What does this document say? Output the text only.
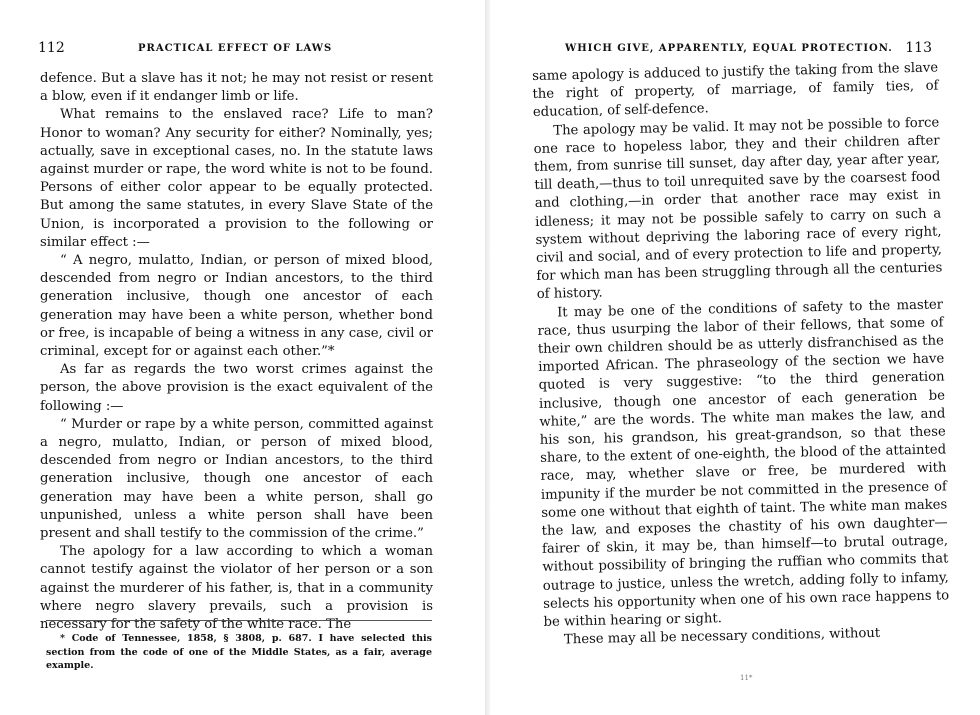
112	PRACTICAL EFFECT OF LAWS

defence. But a slave has it not; he may not resist or resent a blow, even if it endanger limb or life.

What remains to the enslaved race? Life to man? Honor to woman? Any security for either? Nominally, yes; actually, save in exceptional cases, no. In the statute laws against murder or rape, the word white is not to be found. Persons of either color appear to be equally protected. But among the same statutes, in every Slave State of the Union, is incorporated a provision to the following or similar effect :—

“ A negro, mulatto, Indian, or person of mixed blood, descended from negro or Indian ancestors, to the third generation inclusive, though one ancestor of each generation may have been a white person, whether bond or free, is incapable of being a witness in any case, civil or criminal, except for or against each other.”*

As far as regards the two worst crimes against the person, the above provision is the exact equivalent of the following :—

“ Murder or rape by a white person, committed against a negro, mulatto, Indian, or person of mixed blood, descended from negro or Indian ancestors, to the third generation inclusive, though one ancestor of each generation may have been a white person, shall go unpunished, unless a white person shall have been present and shall testify to the commission of the crime.”

The apology for a law according to which a woman cannot testify against the violator of her person or a son against the murderer of his father, is, that in a community where negro slavery prevails, such a provision is necessary for the safety of the white race. The

* Code of Tennessee, 1858, § 3808, p. 687. I have selected this section from the code of one of the Middle States, as a fair, average example.
WHICH GIVE, APPARENTLY, EQUAL PROTECTION. 113

same apology is adduced to justify the taking from the slave the right of property, of marriage, of family ties, of education, of self-defence.

The apology may be valid. It may not be possible to force one race to hopeless labor, they and their children after them, from sunrise till sunset, day after day, year after year, till death,—thus to toil unrequited save by the coarsest food and clothing,—in order that another race may exist in idleness; it may not be possible safely to carry on such a system without depriving the laboring race of every right, civil and social, and of every protection to life and property, for which man has been struggling through all the centuries of history.

It may be one of the conditions of safety to the master race, thus usurping the labor of their fellows, that some of their own children should be as utterly disfranchised as the imported African. The phraseology of the section we have quoted is very suggestive: “to the third generation inclusive, though one ancestor of each generation be white,” are the words. The white man makes the law, and his son, his grandson, his great-grandson, so that these share, to the extent of one-eighth, the blood of the attainted race, may, whether slave or free, be murdered with impunity if the murder be not committed in the presence of some one without that eighth of taint. The white man makes the law, and exposes the chastity of his own daughter—fairer of skin, it may be, than himself—to brutal outrage, without possibility of bringing the ruffian who commits that outrage to justice, unless the wretch, adding folly to infamy, selects his opportunity when one of his own race happens to be within hearing or sight.

These may all be necessary conditions, without

11*
